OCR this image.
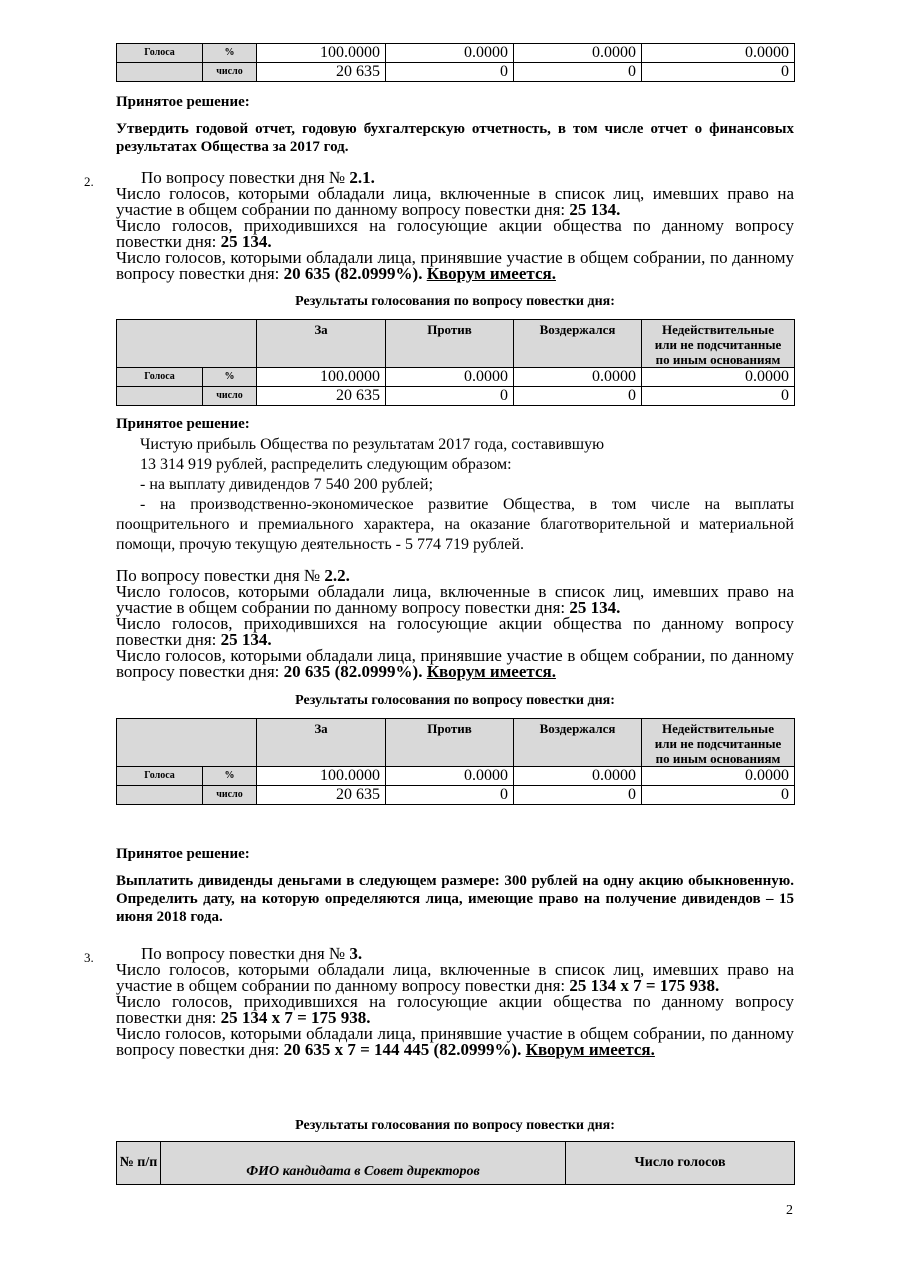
Голоса	%	100.0000	0.0000	0.0000	0.0000
	число	20 635	0	0	0
Принятое решение:
Утвердить годовой отчет, годовую бухгалтерскую отчетность, в том числе отчет о финансовых результатах Общества за 2017 год.
2.	По вопросу повестки дня № 2.1.

Число голосов, которыми обладали лица, включенные в список лиц, имевших право на участие в общем собрании по данному вопросу повестки дня: 25 134.

Число голосов, приходившихся на голосующие акции общества по данному вопросу повестки дня: 25 134.

Число голосов, которыми обладали лица, принявшие участие в общем собрании, по данному вопросу повестки дня: 20 635 (82.0999%). Кворум имеется.

Результаты голосования по вопросу повестки дня:
		За	Против	Воздержался	Недействительные
или не подсчитанные
по иным основаниям

Голоса	%	100.0000	0.0000	0.0000	0.0000
	число	20 635	0	0	0
Принятое решение:
Чистую прибыль Общества по результатам 2017 года, составившую
13 314 919 рублей, распределить следующим образом:
- на выплату дивидендов 7 540 200 рублей;
- на производственно-экономическое развитие Общества, в том числе на выплаты поощрительного и премиального характера, на оказание благотворительной и материальной помощи, прочую текущую деятельность - 5 774 719 рублей.
По вопросу повестки дня № 2.2.

Число голосов, которыми обладали лица, включенные в список лиц, имевших право на участие в общем собрании по данному вопросу повестки дня: 25 134.

Число голосов, приходившихся на голосующие акции общества по данному вопросу повестки дня: 25 134.

Число голосов, которыми обладали лица, принявшие участие в общем собрании, по данному вопросу повестки дня: 20 635 (82.0999%). Кворум имеется.

Результаты голосования по вопросу повестки дня:
		За	Против	Воздержался	Недействительные
или не подсчитанные
по иным основаниям

Голоса	%	100.0000	0.0000	0.0000	0.0000
	число	20 635	0	0	0
Принятое решение:
Выплатить дивиденды деньгами в следующем размере: 300 рублей на одну акцию обыкновенную. Определить дату, на которую определяются лица, имеющие право на получение дивидендов – 15 июня 2018 года.
3.	По вопросу повестки дня № 3.

Число голосов, которыми обладали лица, включенные в список лиц, имевших право на участие в общем собрании по данному вопросу повестки дня: 25 134 x 7 = 175 938.

Число голосов, приходившихся на голосующие акции общества по данному вопросу повестки дня: 25 134 x 7 = 175 938.

Число голосов, которыми обладали лица, принявшие участие в общем собрании, по данному вопросу повестки дня: 20 635 x 7 = 144 445 (82.0999%). Кворум имеется.

Результаты голосования по вопросу повестки дня:
№ п/п	ФИО кандидата в Совет директоров	Число голосов
2
